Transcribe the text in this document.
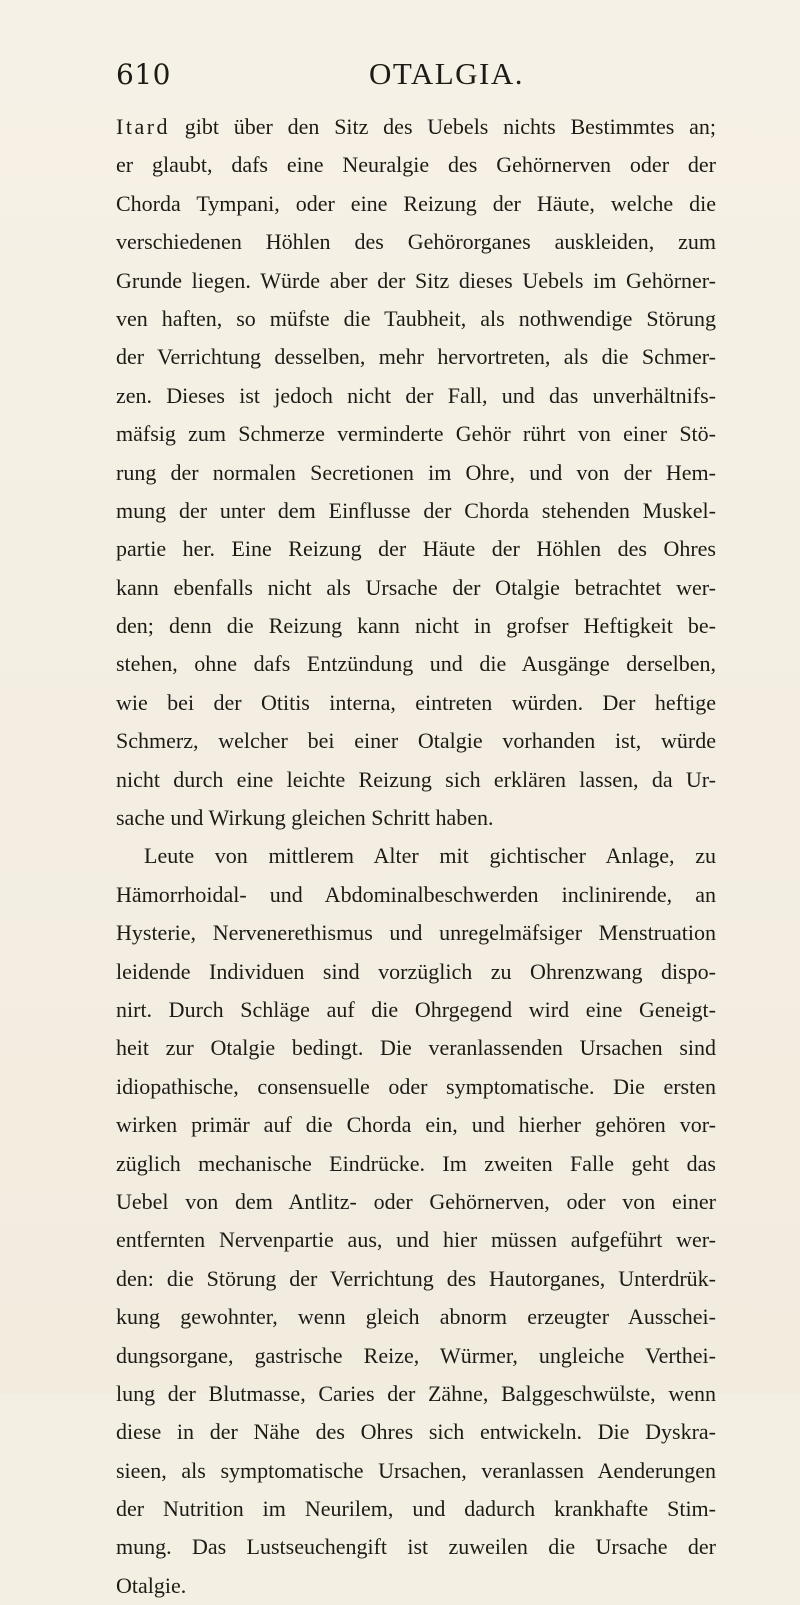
610	OTALGIA.
Itard gibt über den Sitz des Uebels nichts Bestimmtes an;
er glaubt, dafs eine Neuralgie des Gehörnerven oder der
Chorda Tympani, oder eine Reizung der Häute, welche die
verschiedenen Höhlen des Gehörorganes auskleiden, zum
Grunde liegen. Würde aber der Sitz dieses Uebels im Gehörner-
ven haften, so müfste die Taubheit, als nothwendige Störung
der Verrichtung desselben, mehr hervortreten, als die Schmer-
zen. Dieses ist jedoch nicht der Fall, und das unverhältnifs-
mäfsig zum Schmerze verminderte Gehör rührt von einer Stö-
rung der normalen Secretionen im Ohre, und von der Hem-
mung der unter dem Einflusse der Chorda stehenden Muskel-
partie her. Eine Reizung der Häute der Höhlen des Ohres
kann ebenfalls nicht als Ursache der Otalgie betrachtet wer-
den; denn die Reizung kann nicht in grofser Heftigkeit be-
stehen, ohne dafs Entzündung und die Ausgänge derselben,
wie bei der Otitis interna, eintreten würden. Der heftige
Schmerz, welcher bei einer Otalgie vorhanden ist, würde
nicht durch eine leichte Reizung sich erklären lassen, da Ur-
sache und Wirkung gleichen Schritt haben.
Leute von mittlerem Alter mit gichtischer Anlage, zu
Hämorrhoidal- und Abdominalbeschwerden inclinirende, an
Hysterie, Nervenerethismus und unregelmäfsiger Menstruation
leidende Individuen sind vorzüglich zu Ohrenzwang dispo-
nirt. Durch Schläge auf die Ohrgegend wird eine Geneigt-
heit zur Otalgie bedingt. Die veranlassenden Ursachen sind
idiopathische, consensuelle oder symptomatische. Die ersten
wirken primär auf die Chorda ein, und hierher gehören vor-
züglich mechanische Eindrücke. Im zweiten Falle geht das
Uebel von dem Antlitz- oder Gehörnerven, oder von einer
entfernten Nervenpartie aus, und hier müssen aufgeführt wer-
den: die Störung der Verrichtung des Hautorganes, Unterdrük-
kung gewohnter, wenn gleich abnorm erzeugter Ausschei-
dungsorgane, gastrische Reize, Würmer, ungleiche Verthei-
lung der Blutmasse, Caries der Zähne, Balggeschwülste, wenn
diese in der Nähe des Ohres sich entwickeln. Die Dyskra-
sieen, als symptomatische Ursachen, veranlassen Aenderungen
der Nutrition im Neurilem, und dadurch krankhafte Stim-
mung. Das Lustseuchengift ist zuweilen die Ursache der
Otalgie.
